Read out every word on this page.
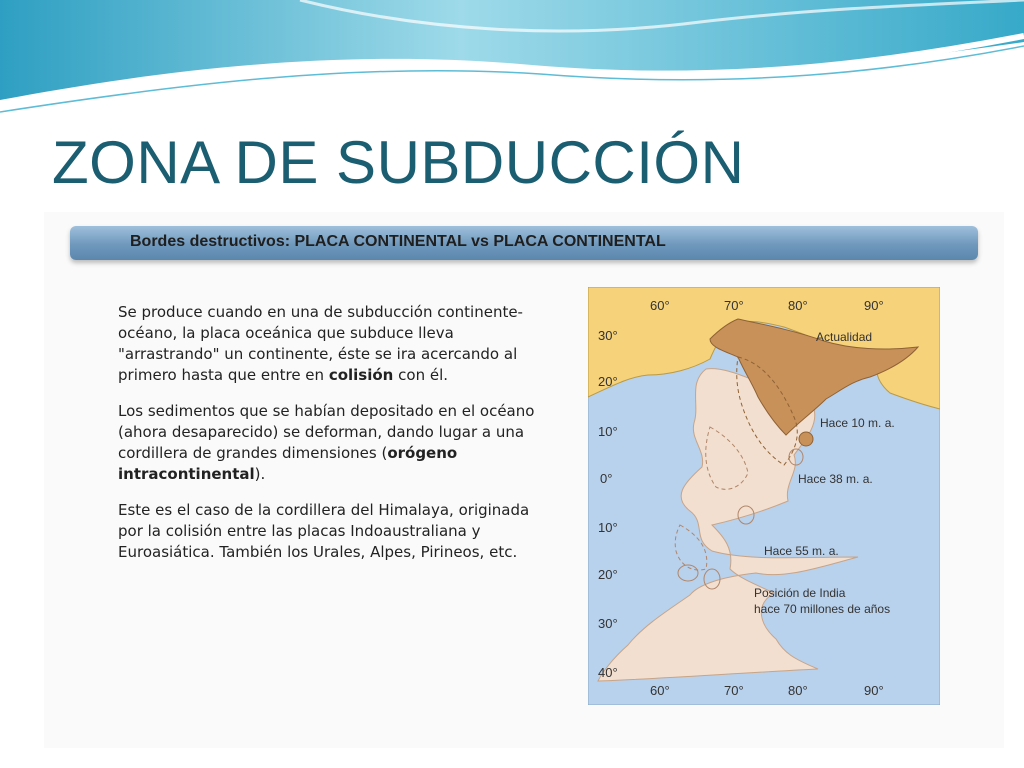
ZONA DE SUBDUCCIÓN
Bordes destructivos: PLACA CONTINENTAL vs PLACA CONTINENTAL

Se produce cuando en una de subducción continente-océano, la placa oceánica que subduce lleva "arrastrando" un continente, éste se ira acercando al primero hasta que entre en colisión con él.

Los sedimentos que se habían depositado en el océano (ahora desaparecido) se deforman, dando lugar a una cordillera de grandes dimensiones (orógeno intracontinental).

Este es el caso de la cordillera del Himalaya, originada por la colisión entre las placas Indoaustraliana y Euroasiática. También los Urales, Alpes, Pirineos, etc.

60°	70°	80°	90°
60°	70°	80°	90°
30°
20°
10°
0°
10°
20°
30°
40°
Actualidad
Hace 10 m. a.
Hace 38 m. a.
Hace 55 m. a.
Posición de India
hace 70 millones de años
